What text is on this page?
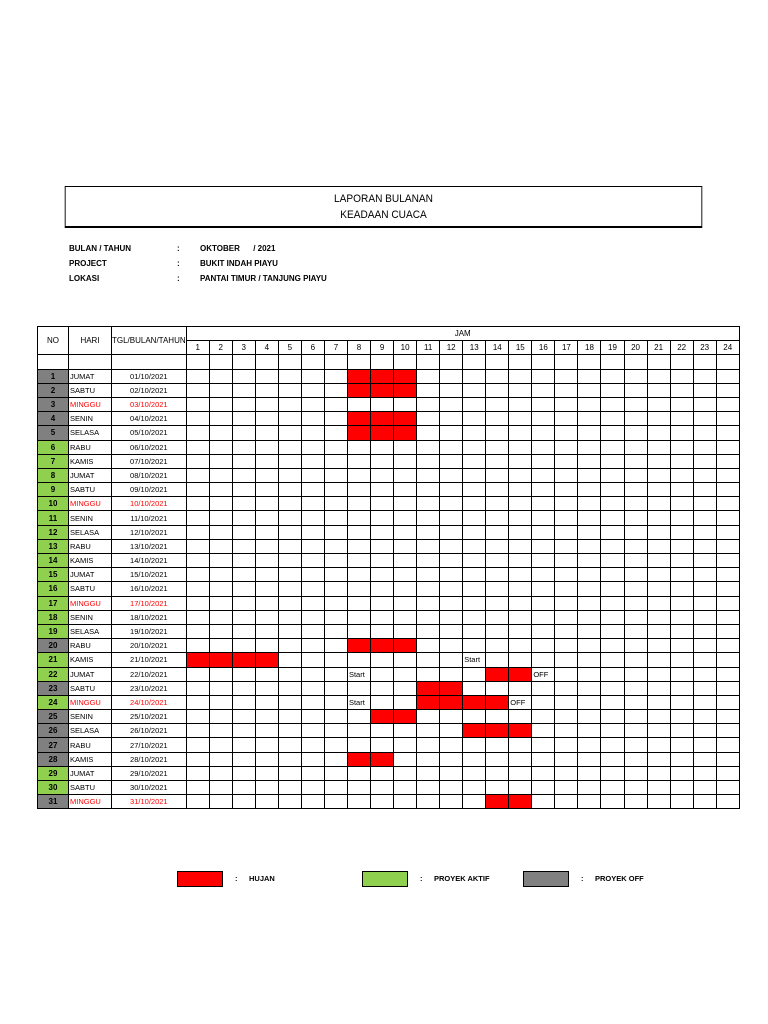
LAPORAN BULANAN
KEADAAN CUACA
BULAN / TAHUN	:	OKTOBER      / 2021
PROJECT	:	BUKIT INDAH PIAYU
LOKASI	:	PANTAI TIMUR / TANJUNG PIAYU
NO	HARI	TGL/BULAN/TAHUN	JAM																							
			1	2	3	4	5	6	7	8	9	10	11	12	13	14	15	16	17	18	19	20	21	22	23	24

1	JUMAT	01/10/2021																								
2	SABTU	02/10/2021																								
3	MINGGU	03/10/2021																								
4	SENIN	04/10/2021																								
5	SELASA	05/10/2021																								
6	RABU	06/10/2021																								
7	KAMIS	07/10/2021																								
8	JUMAT	08/10/2021																								
9	SABTU	09/10/2021																								
10	MINGGU	10/10/2021																								
11	SENIN	11/10/2021																								
12	SELASA	12/10/2021																								
13	RABU	13/10/2021																								
14	KAMIS	14/10/2021																								
15	JUMAT	15/10/2021																								
16	SABTU	16/10/2021																								
17	MINGGU	17/10/2021																								
18	SENIN	18/10/2021																								
19	SELASA	19/10/2021																								
20	RABU	20/10/2021																								
21	KAMIS	21/10/2021													Start											
22	JUMAT	22/10/2021								Start								OFF								
23	SABTU	23/10/2021																								
24	MINGGU	24/10/2021								Start							OFF									
25	SENIN	25/10/2021																								
26	SELASA	26/10/2021																								
27	RABU	27/10/2021																								
28	KAMIS	28/10/2021																								
29	JUMAT	29/10/2021																								
30	SABTU	30/10/2021																								
31	MINGGU	31/10/2021																								
: HUJAN	: PROYEK AKTIF	: PROYEK OFF
